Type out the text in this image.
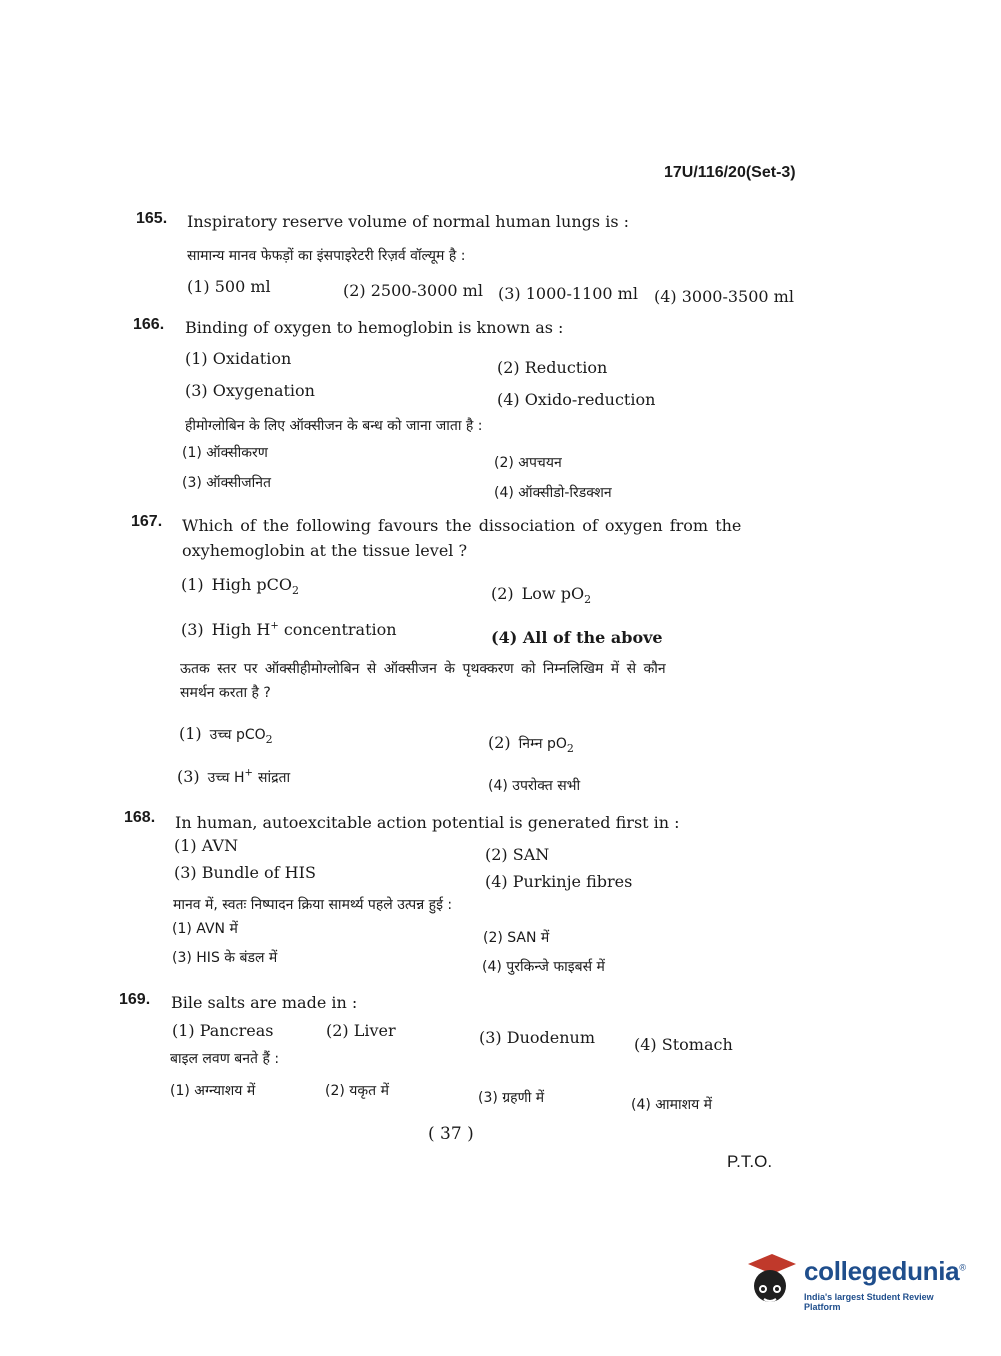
17U/116/20(Set-3)
165. Inspiratory reserve volume of normal human lungs is :
सामान्य मानव फेफड़ों का इंसपाइरेटरी रिज़र्व वॉल्यूम है :
(1) 500 ml	(2) 2500-3000 ml (3) 1000-1100 ml (4) 3000-3500 ml
166. Binding of oxygen to hemoglobin is known as :
(1) Oxidation	(2) Reduction
(3) Oxygenation	(4) Oxido-reduction
हीमोग्लोबिन के लिए ऑक्सीजन के बन्ध को जाना जाता है :
(1) ऑक्सीकरण
(2) अपचयन
(3) ऑक्सीजनित
(4) ऑक्सीडो-रिडक्शन
167. Which of the following favours the dissociation of oxygen from the
oxyhemoglobin at the tissue level ?
(1) High pCO$_2$	(2) Low $pO_2$
(3) High H+ concentration	(4) All of the above
ऊतक स्तर पर ऑक्सीहीमोग्लोबिन से ऑक्सीजन के पृथक्करण को निम्नलिखिम में से कौन
समर्थन करता है ?
(1) उच्च pCO$_2$	(2) निम्न $pO_2$
(3) उच्च H+ सांद्रता	(4) उपरोक्त सभी
168. In human, autoexcitable action potential is generated first in :
(1) AVN	(2) SAN
(3) Bundle of HIS	(4) Purkinje fibres
मानव में, स्वतः निष्पादन क्रिया सामर्थ्य पहले उत्पन्न हुई :
(1) AVN में
(2) SAN में
(3) HIS के बंडल में
(4) पुरकिन्जे फाइबर्स में
169. Bile salts are made in :
(1) Pancreas	(2) Liver	(3) Duodenum (4) Stomach
बाइल लवण बनते हैं :
(1) अग्न्याशय में	(2) यकृत में	(3) ग्रहणी में	(4) आमाशय में
( 37 )
P.T.O.
collegedunia®
India's largest Student Review Platform
